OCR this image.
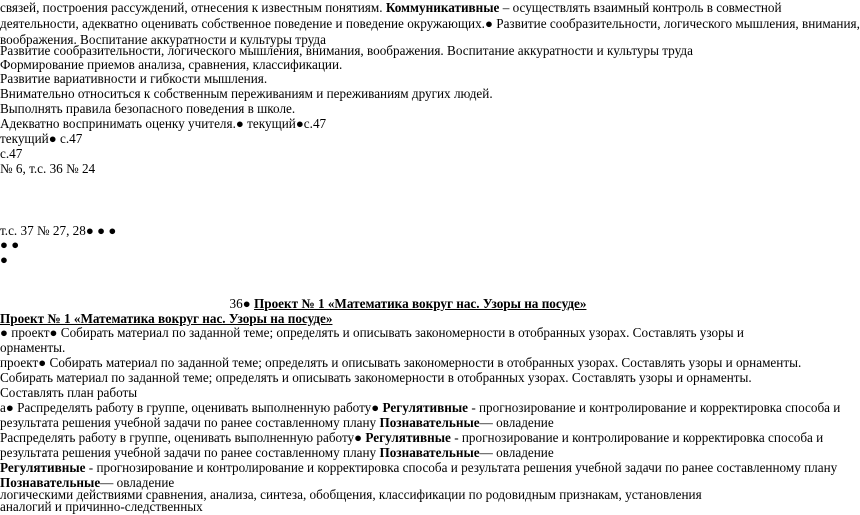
связей, построения рассуждений, отнесения к известным понятиям. Коммуникативные – осуществлять взаимный контроль в совместной
деятельности, адекватно оценивать собственное поведение и поведение окружающих.● Развитие сообразительности, логического мышления, внимания,
воображения. Воспитание аккуратности и культуры труда
Развитие сообразительности, логического мышления, внимания, воображения. Воспитание аккуратности и культуры труда
Формирование приемов анализа, сравнения, классификации.
Развитие вариативности и гибкости мышления.
Внимательно относиться к собственным переживаниям и переживаниям других людей.
Выполнять правила безопасного поведения в школе.
Адекватно воспринимать оценку учителя.● текущий●с.47
текущий● с.47
с.47
№ 6, т.с. 36 № 24
т.с. 37 № 27, 28● ● ●
● ●
●
36● Проект № 1 «Математика вокруг нас. Узоры на посуде»
Проект № 1 «Математика вокруг нас. Узоры на посуде»
● проект● Собирать материал по заданной теме; определять и описывать закономерности в отобранных узорах. Составлять узоры и
орнаменты.
проект● Собирать материал по заданной теме; определять и описывать закономерности в отобранных узорах. Составлять узоры и орнаменты.
Собирать материал по заданной теме; определять и описывать закономерности в отобранных узорах. Составлять узоры и орнаменты.
Составлять план работы
а● Распределять работу в группе, оценивать выполненную работу● Регулятивные - прогнозирование и контролирование и корректировка способа и
результата решения учебной задачи по ранее составленному плану Познавательные— овладение
Распределять работу в группе, оценивать выполненную работу● Регулятивные - прогнозирование и контролирование и корректировка способа и
результата решения учебной задачи по ранее составленному плану Познавательные— овладение
Регулятивные - прогнозирование и контролирование и корректировка способа и результата решения учебной задачи по ранее составленному плану
Познавательные— овладение
логическими действиями сравнения, анализа, синтеза, обобщения, классификации по родовидным признакам, установления
аналогий и причинно-следственных
